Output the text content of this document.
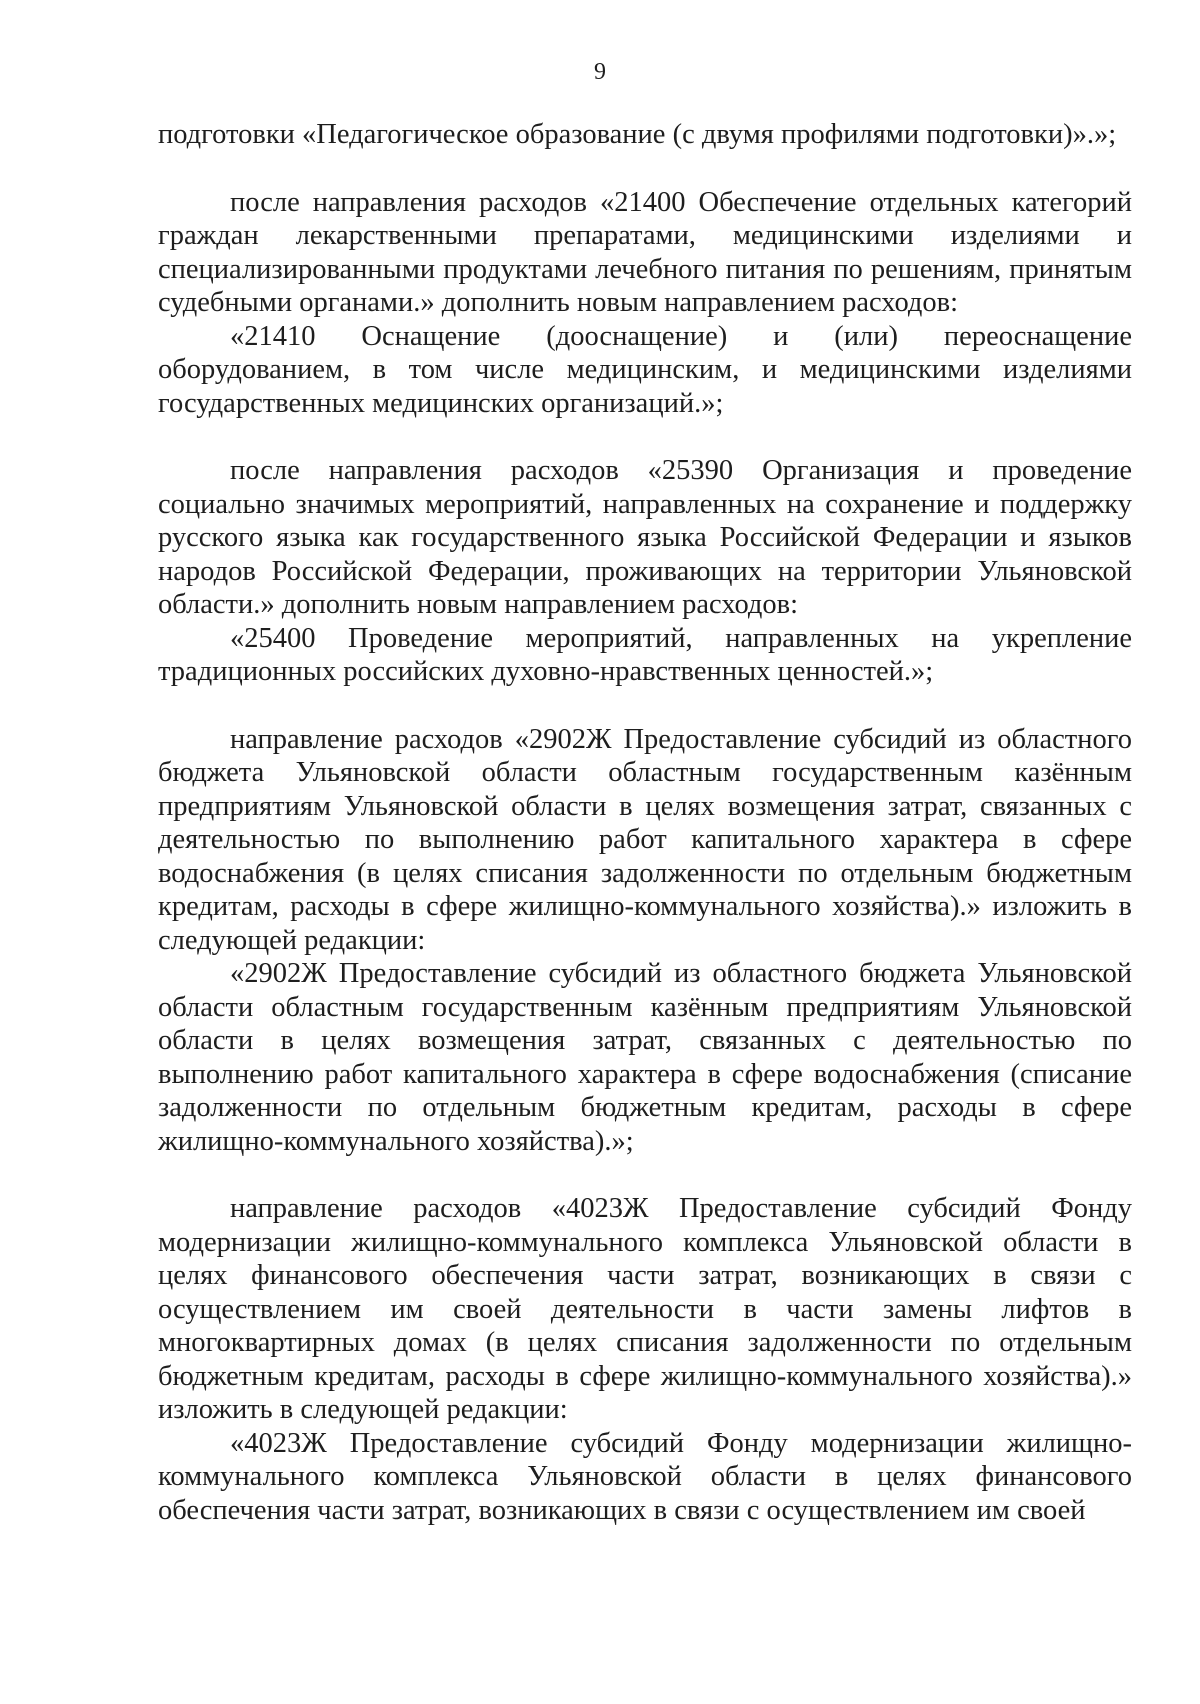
9

подготовки «Педагогическое образование (с двумя профилями подготовки)».»;

после направления расходов «21400 Обеспечение отдельных категорий граждан лекарственными препаратами, медицинскими изделиями и специализированными продуктами лечебного питания по решениям, принятым судебными органами.» дополнить новым направлением расходов:

«21410 Оснащение (дооснащение) и (или) переоснащение оборудованием, в том числе медицинским, и медицинскими изделиями государственных медицинских организаций.»;

после направления расходов «25390 Организация и проведение социально значимых мероприятий, направленных на сохранение и поддержку русского языка как государственного языка Российской Федерации и языков народов Российской Федерации, проживающих на территории Ульяновской области.» дополнить новым направлением расходов:

«25400 Проведение мероприятий, направленных на укрепление традиционных российских духовно-нравственных ценностей.»;

направление расходов «2902Ж Предоставление субсидий из областного бюджета Ульяновской области областным государственным казённым предприятиям Ульяновской области в целях возмещения затрат, связанных с деятельностью по выполнению работ капитального характера в сфере водоснабжения (в целях списания задолженности по отдельным бюджетным кредитам, расходы в сфере жилищно-коммунального хозяйства).» изложить в следующей редакции:

«2902Ж Предоставление субсидий из областного бюджета Ульяновской области областным государственным казённым предприятиям Ульяновской области в целях возмещения затрат, связанных с деятельностью по выполнению работ капитального характера в сфере водоснабжения (списание задолженности по отдельным бюджетным кредитам, расходы в сфере жилищно-коммунального хозяйства).»;

направление расходов «4023Ж Предоставление субсидий Фонду модернизации жилищно-коммунального комплекса Ульяновской области в целях финансового обеспечения части затрат, возникающих в связи с осуществлением им своей деятельности в части замены лифтов в многоквартирных домах (в целях списания задолженности по отдельным бюджетным кредитам, расходы в сфере жилищно-коммунального хозяйства).» изложить в следующей редакции:

«4023Ж Предоставление субсидий Фонду модернизации жилищно-коммунального комплекса Ульяновской области в целях финансового обеспечения части затрат, возникающих в связи с осуществлением им своей
